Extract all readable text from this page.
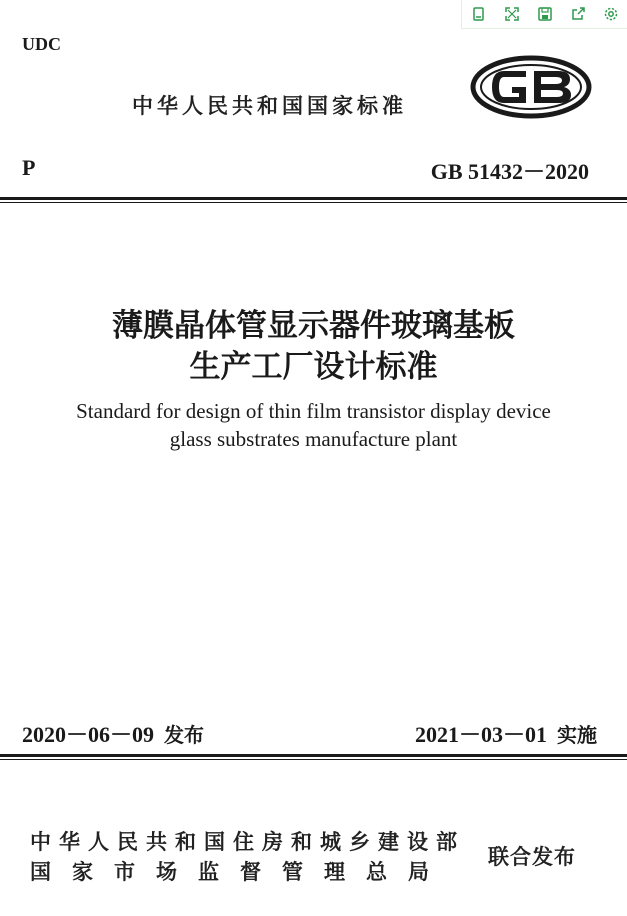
UDC
中华人民共和国国家标准
P	GB 51432－2020
薄膜晶体管显示器件玻璃基板
生产工厂设计标准
Standard for design of thin film transistor display device
glass substrates manufacture plant
2020－06－09 发布	2021－03－01 实施
中华人民共和国住房和城乡建设部
国家市场监督管理总局
联合发布
